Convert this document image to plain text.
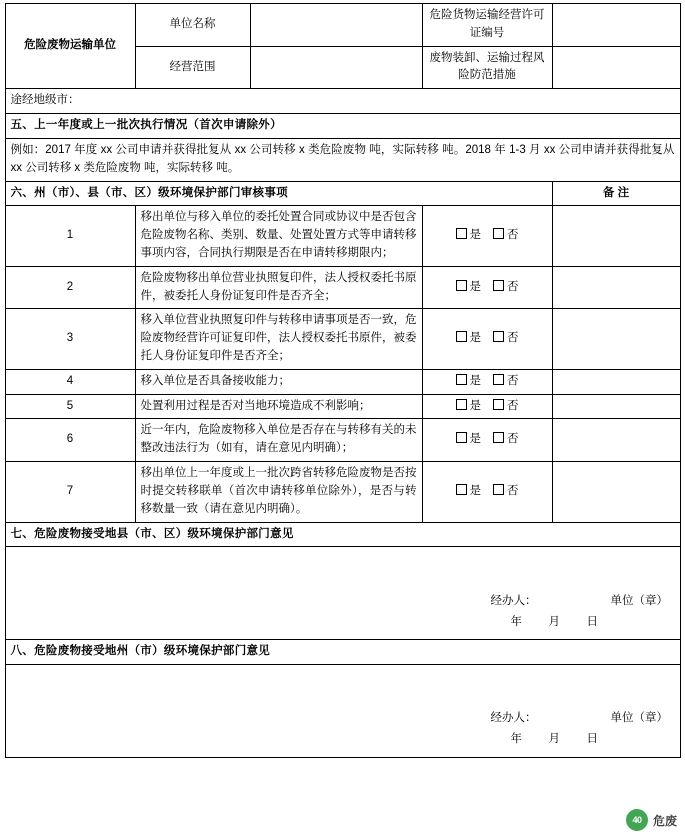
危险废物运输单位	单位名称		危险货物运输经营许可证编号	
	经营范围		废物装卸、运输过程风险防范措施	
途经地级市：				
五、上一年度或上一批次执行情况（首次申请除外）				
例如：2017 年度 xx 公司申请并获得批复从 xx 公司转移 x 类危险废物 吨，实际转移 吨。2018 年 1-3 月 xx 公司申请并获得批复从 xx 公司转移 x 类危险废物 吨，实际转移 吨。				
六、州（市）、县（市、区）级环境保护部门审核事项				备 注
1	移出单位与移入单位的委托处置合同或协议中是否包含危险废物名称、类别、数量、处置处置方式等申请转移事项内容，合同执行期限是否在申请转移期限内；		是 否	
2	危险废物移出单位营业执照复印件，法人授权委托书原件，被委托人身份证复印件是否齐全；		是 否	
3	移入单位营业执照复印件与转移申请事项是否一致，危险废物经营许可证复印件，法人授权委托书原件，被委托人身份证复印件是否齐全；		是 否	
4	移入单位是否具备接收能力；		是 否	
5	处置利用过程是否对当地环境造成不利影响；		是 否	
6	近一年内，危险废物移入单位是否存在与转移有关的未整改违法行为（如有，请在意见内明确）；		是 否	
7	移出单位上一年度或上一批次跨省转移危险废物是否按时提交转移联单（首次申请转移单位除外），是否与转移数量一致（请在意见内明确）。		是 否	
七、危险废物接受地县（市、区）级环境保护部门意见				

经办人： 单位（章）
年 月 日				

八、危险废物接受地州（市）级环境保护部门意见				

经办人： 单位（章）
年 月 日				
40 危废
